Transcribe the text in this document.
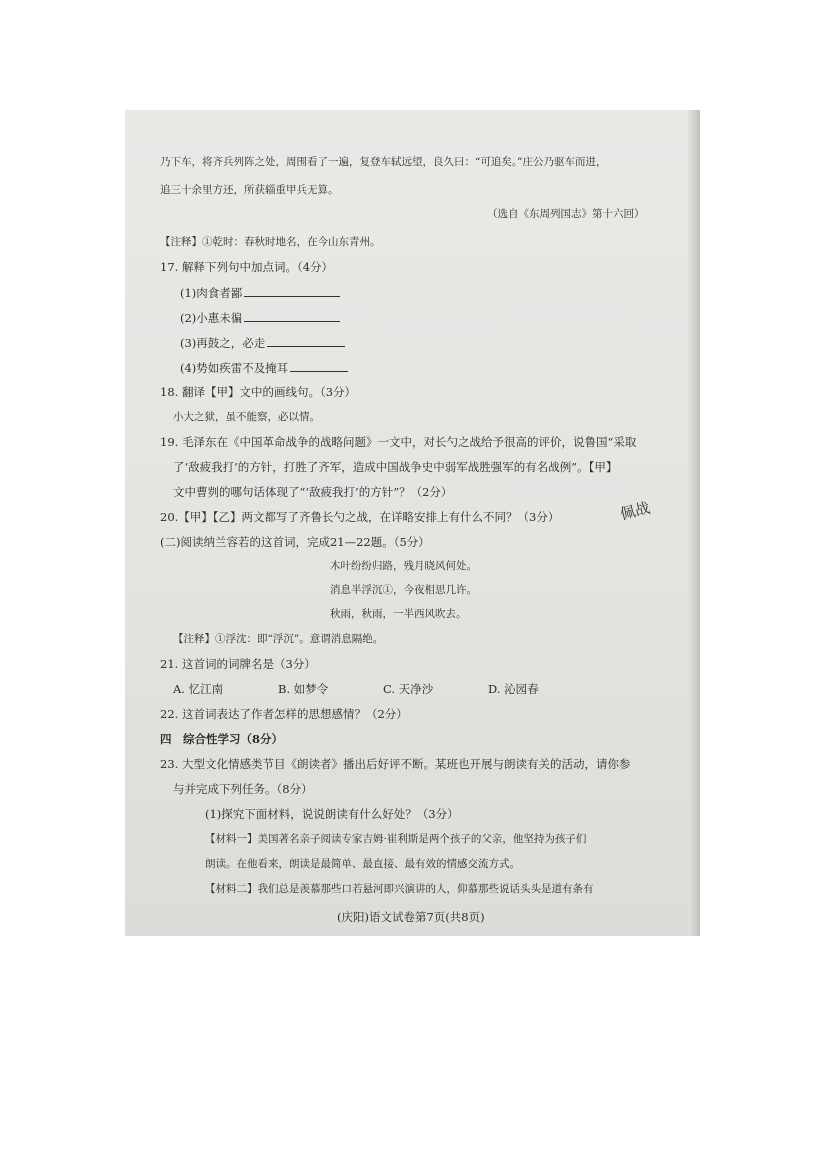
乃下车，将齐兵列阵之处，周围看了一遍，复登车轼远望，良久曰：“可追矣。”庄公乃驱车而进，
追三十余里方还，所获辎重甲兵无算。
（选自《东周列国志》第十六回）
【注释】①乾时：春秋时地名，在今山东青州。
17. 解释下列句中加点词。（4分）
(1)肉食者鄙
(2)小惠未徧
(3)再鼓之，必走
(4)势如疾雷不及掩耳
18. 翻译【甲】文中的画线句。（3分）
小大之狱，虽不能察，必以情。
19. 毛泽东在《中国革命战争的战略问题》一文中，对长勺之战给予很高的评价，说鲁国“采取
了‘敌疲我打’的方针，打胜了齐军，造成中国战争史中弱军战胜强军的有名战例”。【甲】
文中曹刿的哪句话体现了“‘敌疲我打’的方针”？（2分）
20.【甲】【乙】两文都写了齐鲁长勺之战，在详略安排上有什么不同？（3分）	佩战
(二)阅读纳兰容若的这首词，完成21—22题。（5分）
木叶纷纷归路，残月晓风何处。
消息半浮沉①，今夜相思几许。
秋雨，秋雨，一半西风吹去。
【注释】①浮沈：即“浮沉”。意谓消息隔绝。
21. 这首词的词牌名是（3分）
A. 忆江南	B. 如梦令	C. 天净沙	D. 沁园春
22. 这首词表达了作者怎样的思想感情？（2分）
四　综合性学习（8分）
23. 大型文化情感类节目《朗读者》播出后好评不断。某班也开展与朗读有关的活动，请你参
与并完成下列任务。（8分）
(1)探究下面材料，说说朗读有什么好处？（3分）
【材料一】美国著名亲子阅读专家吉姆·崔利斯是两个孩子的父亲，他坚持为孩子们
朗读。在他看来，朗读是最简单、最直接、最有效的情感交流方式。
【材料二】我们总是羡慕那些口若悬河即兴演讲的人，仰慕那些说话头头是道有条有
(庆阳)语文试卷第7页(共8页)
